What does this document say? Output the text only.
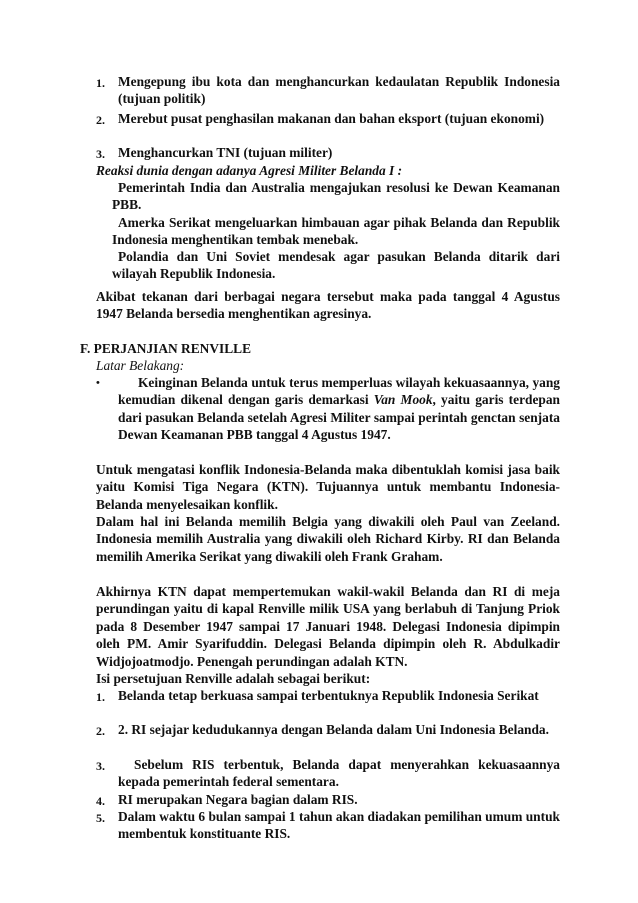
1. Mengepung ibu kota dan menghancurkan kedaulatan Republik Indonesia (tujuan politik)
2. Merebut pusat penghasilan makanan dan bahan eksport (tujuan ekonomi)
3. Menghancurkan TNI (tujuan militer)
Reaksi dunia dengan adanya Agresi Militer Belanda I :
Pemerintah India dan Australia mengajukan resolusi ke Dewan Keamanan PBB.
Amerka Serikat mengeluarkan himbauan agar pihak Belanda dan Republik Indonesia menghentikan tembak menebak.
Polandia dan Uni Soviet mendesak agar pasukan Belanda ditarik dari wilayah Republik Indonesia.
Akibat tekanan dari berbagai negara tersebut maka pada tanggal 4 Agustus 1947 Belanda bersedia menghentikan agresinya.
F. PERJANJIAN RENVILLE
Latar Belakang:
•	Keinginan Belanda untuk terus memperluas wilayah kekuasaannya, yang kemudian dikenal dengan garis demarkasi Van Mook, yaitu garis terdepan dari pasukan Belanda setelah Agresi Militer sampai perintah genctan senjata Dewan Keamanan PBB tanggal 4 Agustus 1947.
Untuk mengatasi konflik Indonesia-Belanda maka dibentuklah komisi jasa baik yaitu Komisi Tiga Negara (KTN). Tujuannya untuk membantu Indonesia-Belanda menyelesaikan konflik.
Dalam hal ini Belanda memilih Belgia yang diwakili oleh Paul van Zeeland. Indonesia memilih Australia yang diwakili oleh Richard Kirby. RI dan Belanda memilih Amerika Serikat yang diwakili oleh Frank Graham.
Akhirnya KTN dapat mempertemukan wakil-wakil Belanda dan RI di meja perundingan yaitu di kapal Renville milik USA yang berlabuh di Tanjung Priok pada 8 Desember 1947 sampai 17 Januari 1948. Delegasi Indonesia dipimpin oleh PM. Amir Syarifuddin. Delegasi Belanda dipimpin oleh R. Abdulkadir Widjojoatmodjo. Penengah perundingan adalah KTN.
Isi persetujuan Renville adalah sebagai berikut:
1. Belanda tetap berkuasa sampai terbentuknya Republik Indonesia Serikat
2. 2. RI sejajar kedudukannya dengan Belanda dalam Uni Indonesia Belanda.
3.	Sebelum RIS terbentuk, Belanda dapat menyerahkan kekuasaannya kepada pemerintah federal sementara.
4. RI merupakan Negara bagian dalam RIS.
5. Dalam waktu 6 bulan sampai 1 tahun akan diadakan pemilihan umum untuk membentuk konstituante RIS.
